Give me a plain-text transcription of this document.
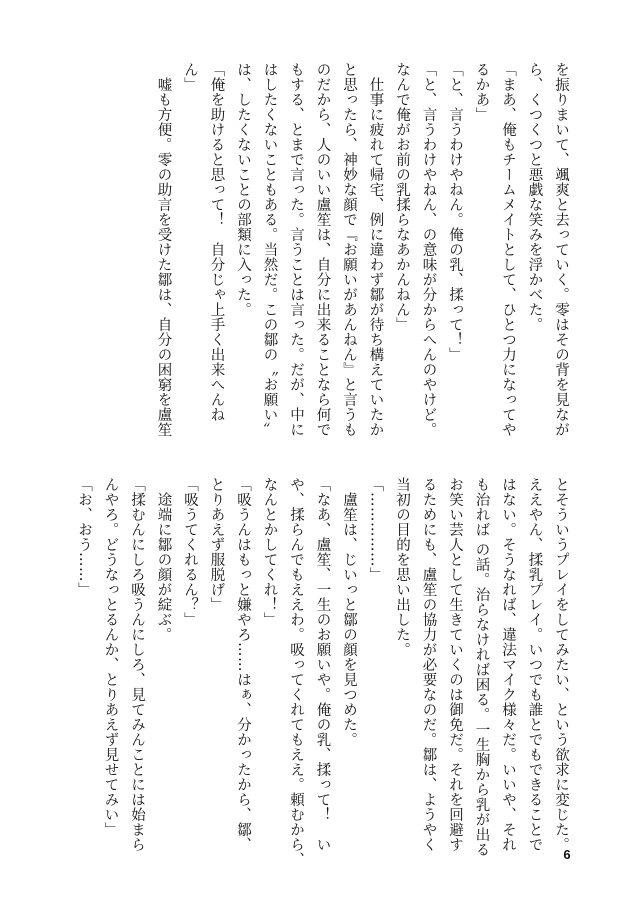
を振りまいて、颯爽と去っていく。零はその背を見なが
ら、くつくつと悪戯な笑みを浮かべた。
「まあ、俺もチームメイトとして、ひとつ力になってや
るかあ」
「と、言うわけやねん。俺の乳、揉って！」
「と、言うわけやねん、の意味が分からへんのやけど。
なんで俺がお前の乳揉らなあかんねん」
　仕事に疲れて帰宅、例に違わず鄒が待ち構えていたか
と思ったら、神妙な顔で『お願いがあんねん』と言うも
のだから、人のいい盧笙は、自分に出来ることなら何で
もする、とまで言った。言うことは言った。だが、中に
はしたくないこともある。当然だ。この鄒の〝お願い〟
は、したくないことの部類に入った。
「俺を助けると思って！　自分じゃ上手く出来へんね
ん」
　嘘も方便。零の助言を受けた鄒は、自分の困窮を盧笙
とそういうプレイをしてみたい、という欲求に変じた。
ええやん、揉乳プレイ。いつでも誰とでもできることで
はない。そうなれば、違法マイク様々だ。いいや、それ
も治れば の話。治らなければ困る。一生胸から乳が出る
お笑い芸人として生きていくのは御免だ。それを回避す
るためにも、盧笙の協力が必要なのだ。鄒は、ようやく
当初の目的を思い出した。
「……………」
　盧笙は、じいっと鄒の顔を見つめた。
「なあ、盧笙、一生のお願いや。俺の乳、揉って！　い
や、揉らんでもええわ。吸ってくれてもええ。頼むから、
なんとかしてくれ！」
「吸うんはもっと嫌やろ……はぁ、分かったから、鄒、
とりあえず服脱げ」
「吸うてくれるん？」
　途端に鄒の顔が綻ぶ。
「揉むんにしろ吸うんにしろ、見てみんことには始まら
んやろ。どうなっとるんか、とりあえず見せてみい」
「お、おう……」
6
